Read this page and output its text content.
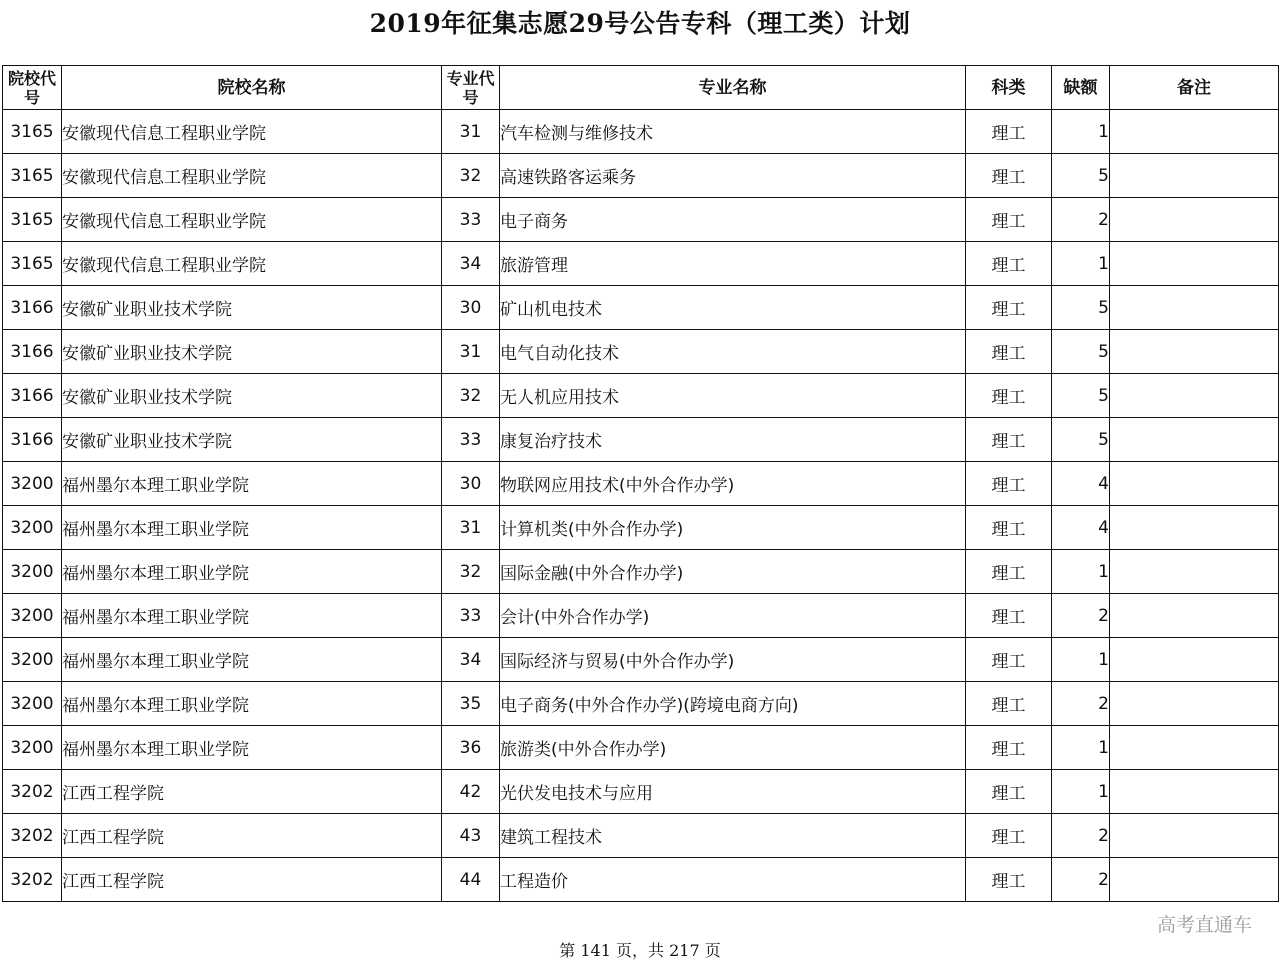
2019年征集志愿29号公告专科（理工类）计划
院校代号	院校名称	专业代号	专业名称	科类	缺额	备注
3165	安徽现代信息工程职业学院	31	汽车检测与维修技术	理工	1	
3165	安徽现代信息工程职业学院	32	高速铁路客运乘务	理工	5	
3165	安徽现代信息工程职业学院	33	电子商务	理工	2	
3165	安徽现代信息工程职业学院	34	旅游管理	理工	1	
3166	安徽矿业职业技术学院	30	矿山机电技术	理工	5	
3166	安徽矿业职业技术学院	31	电气自动化技术	理工	5	
3166	安徽矿业职业技术学院	32	无人机应用技术	理工	5	
3166	安徽矿业职业技术学院	33	康复治疗技术	理工	5	
3200	福州墨尔本理工职业学院	30	物联网应用技术(中外合作办学)	理工	4	
3200	福州墨尔本理工职业学院	31	计算机类(中外合作办学)	理工	4	
3200	福州墨尔本理工职业学院	32	国际金融(中外合作办学)	理工	1	
3200	福州墨尔本理工职业学院	33	会计(中外合作办学)	理工	2	
3200	福州墨尔本理工职业学院	34	国际经济与贸易(中外合作办学)	理工	1	
3200	福州墨尔本理工职业学院	35	电子商务(中外合作办学)(跨境电商方向)	理工	2	
3200	福州墨尔本理工职业学院	36	旅游类(中外合作办学)	理工	1	
3202	江西工程学院	42	光伏发电技术与应用	理工	1	
3202	江西工程学院	43	建筑工程技术	理工	2	
3202	江西工程学院	44	工程造价	理工	2	
第 141 页，共 217 页
高考直通车
